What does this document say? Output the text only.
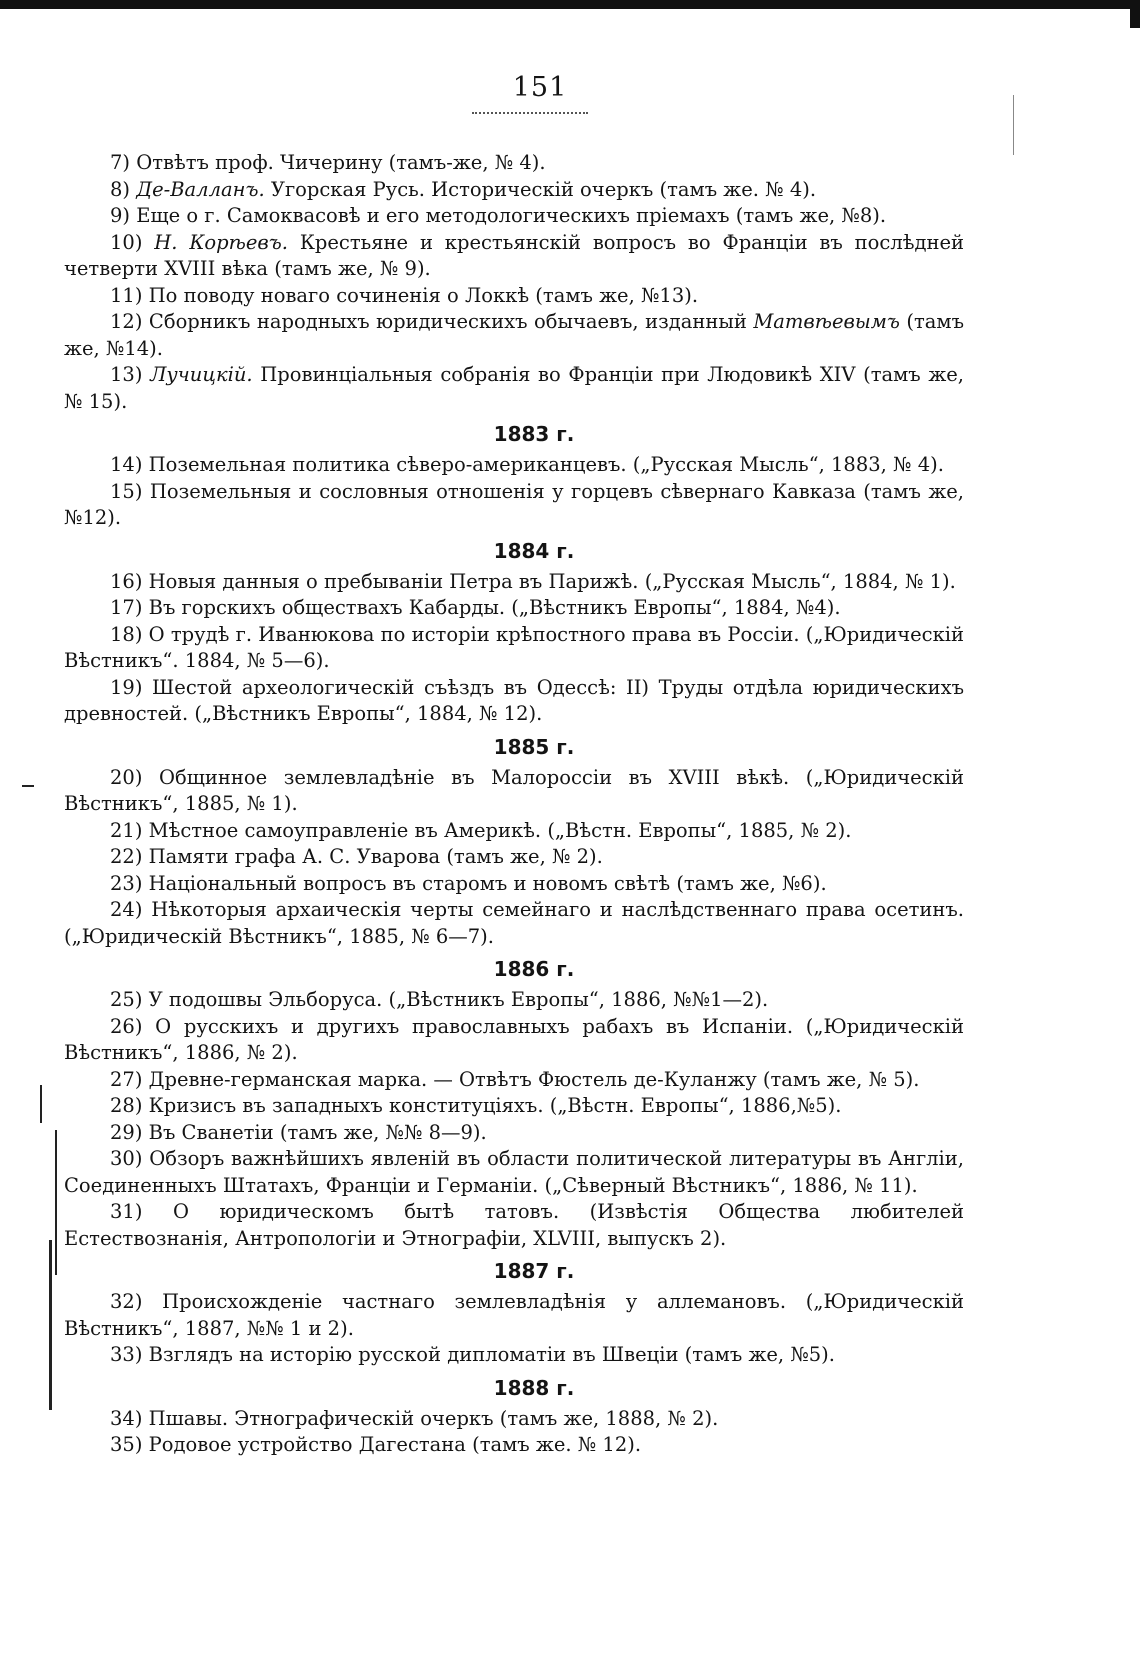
151
7) Отвѣтъ проф. Чичерину (тамъ-же, № 4).
8) Де-Валланъ. Угорская Русь. Историческій очеркъ (тамъ же. № 4).
9) Еще о г. Самоквасовѣ и его методологическихъ пріемахъ (тамъ же, №8).
10) Н. Корѣевъ. Крестьяне и крестьянскій вопросъ во Франціи въ послѣдней четверти XVIII вѣка (тамъ же, № 9).
11) По поводу новаго сочиненія о Локкѣ (тамъ же, №13).
12) Сборникъ народныхъ юридическихъ обычаевъ, изданный Матвѣевымъ (тамъ же, №14).
13) Лучицкій. Провинціальныя собранія во Франціи при Людовикѣ XIV (тамъ же, № 15).
1883 г.
14) Поземельная политика сѣверо-американцевъ. („Русская Мысль“, 1883, № 4).
15) Поземельныя и сословныя отношенія у горцевъ сѣвернаго Кавказа (тамъ же, №12).
1884 г.
16) Новыя данныя о пребываніи Петра въ Парижѣ. („Русская Мысль“, 1884, № 1).
17) Въ горскихъ обществахъ Кабарды. („Вѣстникъ Европы“, 1884, №4).
18) О трудѣ г. Иванюкова по исторіи крѣпостного права въ Россіи. („Юридическій Вѣстникъ“. 1884, № 5—6).
19) Шестой археологическій съѣздъ въ Одессѣ: II) Труды отдѣла юридическихъ древностей. („Вѣстникъ Европы“, 1884, № 12).
1885 г.
20) Общинное землевладѣніе въ Малороссіи въ XVIII вѣкѣ. („Юридическій Вѣстникъ“, 1885, № 1).
21) Мѣстное самоуправленіе въ Америкѣ. („Вѣстн. Европы“, 1885, № 2).
22) Памяти графа А. С. Уварова (тамъ же, № 2).
23) Національный вопросъ въ старомъ и новомъ свѣтѣ (тамъ же, №6).
24) Нѣкоторыя архаическія черты семейнаго и наслѣдственнаго права осетинъ. („Юридическій Вѣстникъ“, 1885, № 6—7).
1886 г.
25) У подошвы Эльборуса. („Вѣстникъ Европы“, 1886, №№1—2).
26) О русскихъ и другихъ православныхъ рабахъ въ Испаніи. („Юридическій Вѣстникъ“, 1886, № 2).
27) Древне-германская марка. — Отвѣтъ Фюстель де-Куланжу (тамъ же, № 5).
28) Кризисъ въ западныхъ конституціяхъ. („Вѣстн. Европы“, 1886,№5).
29) Въ Сванетіи (тамъ же, №№ 8—9).
30) Обзоръ важнѣйшихъ явленій въ области политической литературы въ Англіи, Соединенныхъ Штатахъ, Франціи и Германіи. („Сѣверный Вѣстникъ“, 1886, № 11).
31) О юридическомъ бытѣ татовъ. (Извѣстія Общества любителей Естествознанія, Антропологіи и Этнографіи, XLVIII, выпускъ 2).
1887 г.
32) Происхожденіе частнаго землевладѣнія у аллемановъ. („Юридическій Вѣстникъ“, 1887, №№ 1 и 2).
33) Взглядъ на исторію русской дипломатіи въ Швеціи (тамъ же, №5).
1888 г.
34) Пшавы. Этнографическій очеркъ (тамъ же, 1888, № 2).
35) Родовое устройство Дагестана (тамъ же. № 12).
